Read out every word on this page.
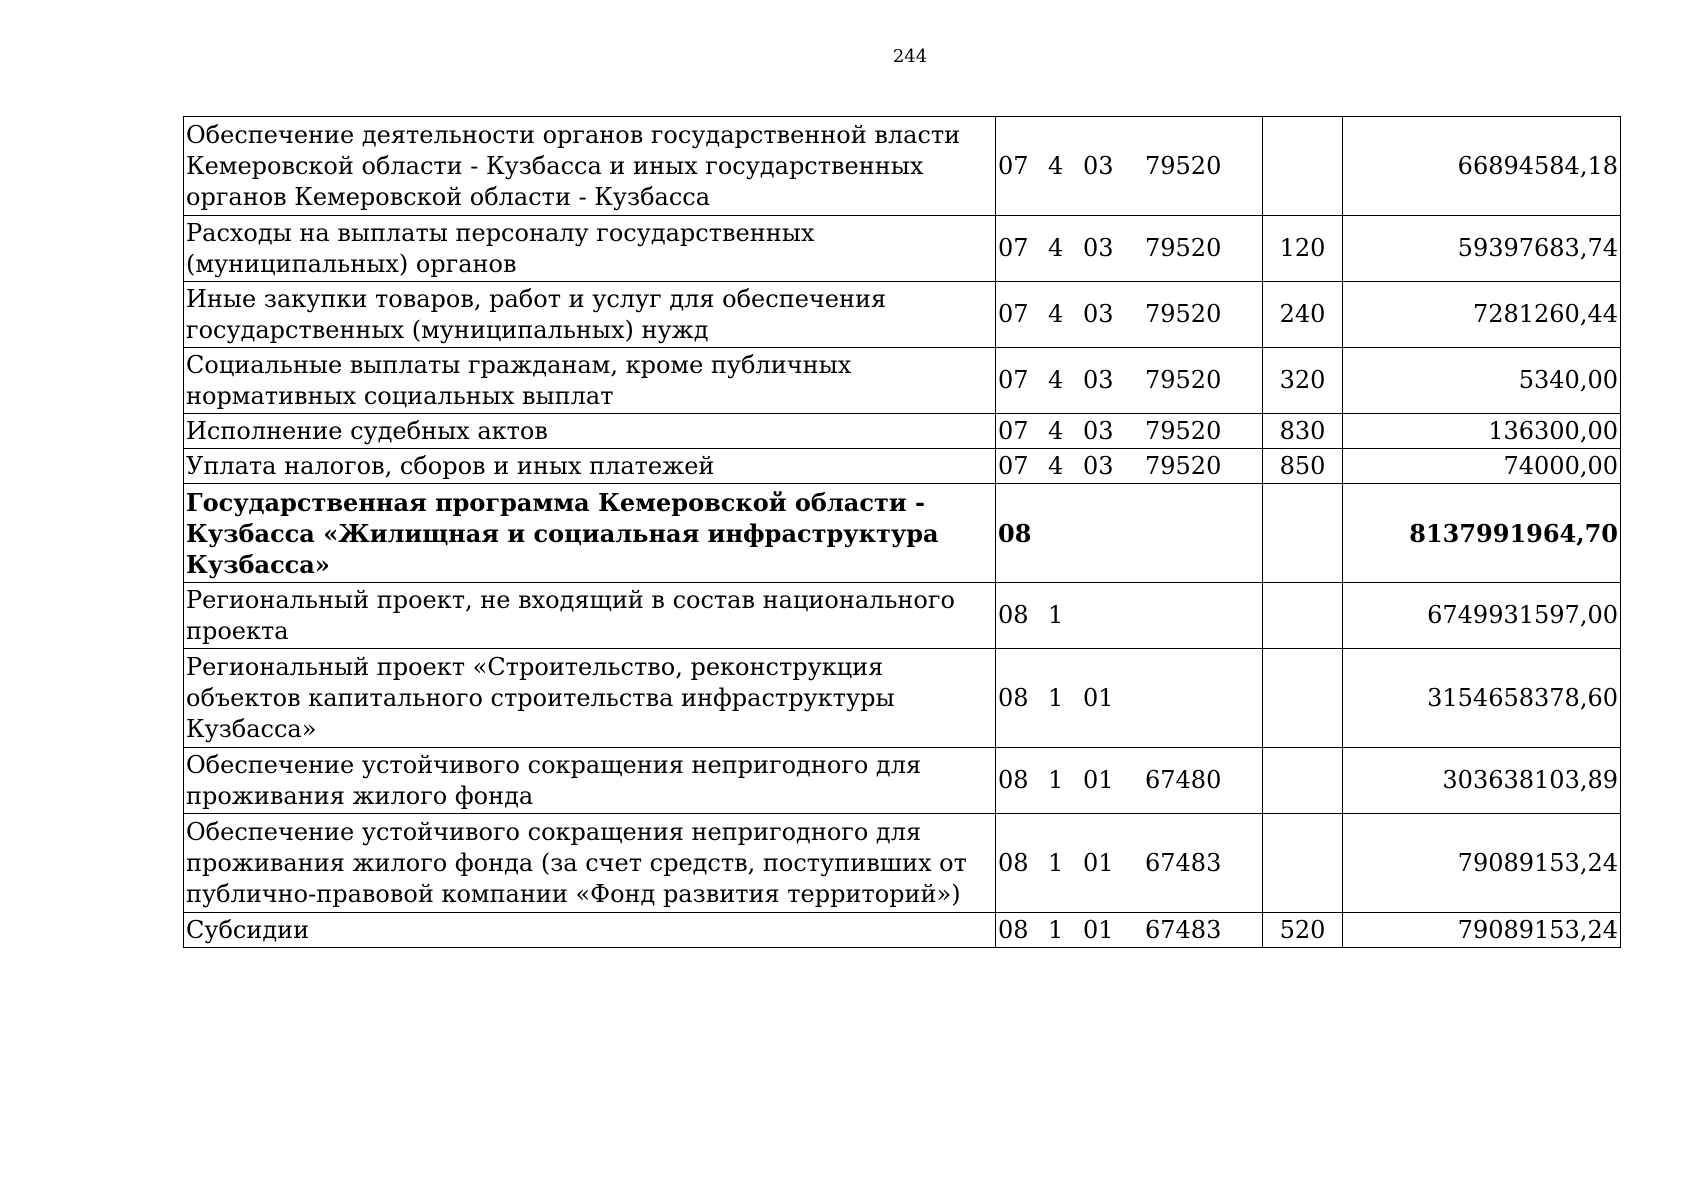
244
Обеспечение деятельности органов государственной власти Кемеровской области - Кузбасса и иных государственных органов Кемеровской области - Кузбасса	07 4 03 79520		66894584,18
Расходы на выплаты персоналу государственных (муниципальных) органов	07 4 03 79520	120	59397683,74
Иные закупки товаров, работ и услуг для обеспечения государственных (муниципальных) нужд	07 4 03 79520	240	7281260,44
Социальные выплаты гражданам, кроме публичных нормативных социальных выплат	07 4 03 79520	320	5340,00
Исполнение судебных актов	07 4 03 79520	830	136300,00
Уплата налогов, сборов и иных платежей	07 4 03 79520	850	74000,00
Государственная программа Кемеровской области - Кузбасса «Жилищная и социальная инфраструктура Кузбасса»	08		8137991964,70
Региональный проект, не входящий в состав национального проекта	08 1		6749931597,00
Региональный проект «Строительство, реконструкция объектов капитального строительства инфраструктуры Кузбасса»	08 1 01		3154658378,60
Обеспечение устойчивого сокращения непригодного для проживания жилого фонда	08 1 01 67480		303638103,89
Обеспечение устойчивого сокращения непригодного для проживания жилого фонда (за счет средств, поступивших от публично-правовой компании «Фонд развития территорий»)	08 1 01 67483		79089153,24
Субсидии	08 1 01 67483	520	79089153,24
